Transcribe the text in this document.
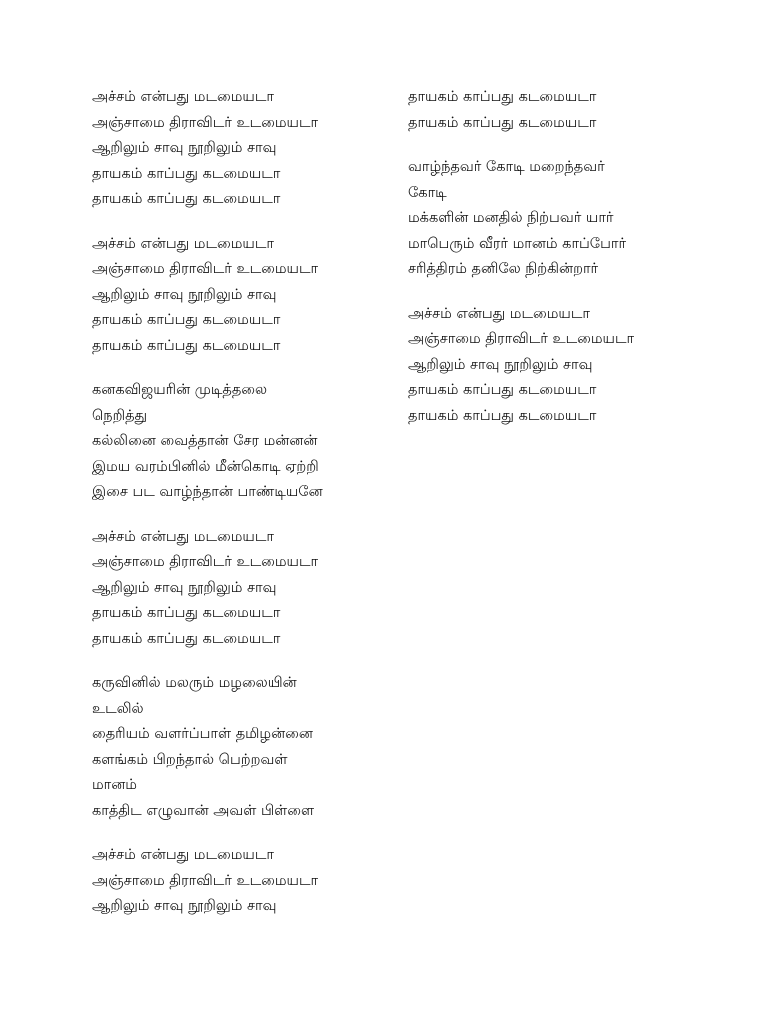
அச்சம் என்பது மடமையடா
அஞ்சாமை திராவிடர் உடமையடா
ஆறிலும் சாவு நூறிலும் சாவு
தாயகம் காப்பது கடமையடா
தாயகம் காப்பது கடமையடா
அச்சம் என்பது மடமையடா
அஞ்சாமை திராவிடர் உடமையடா
ஆறிலும் சாவு நூறிலும் சாவு
தாயகம் காப்பது கடமையடா
தாயகம் காப்பது கடமையடா
கனகவிஜயரின் முடித்தலை
நெறித்து
கல்லினை வைத்தான் சேர மன்னன்
இமய வரம்பினில் மீன்கொடி ஏற்றி
இசை பட வாழ்ந்தான் பாண்டியனே
அச்சம் என்பது மடமையடா
அஞ்சாமை திராவிடர் உடமையடா
ஆறிலும் சாவு நூறிலும் சாவு
தாயகம் காப்பது கடமையடா
தாயகம் காப்பது கடமையடா
கருவினில் மலரும் மழலையின்
உடலில்
தைரியம் வளர்ப்பாள் தமிழன்னை
களங்கம் பிறந்தால் பெற்றவள்
மானம்
காத்திட எழுவான் அவள் பிள்ளை
அச்சம் என்பது மடமையடா
அஞ்சாமை திராவிடர் உடமையடா
ஆறிலும் சாவு நூறிலும் சாவு
தாயகம் காப்பது கடமையடா
தாயகம் காப்பது கடமையடா
வாழ்ந்தவர் கோடி மறைந்தவர்
கோடி
மக்களின் மனதில் நிற்பவர் யார்
மாபெரும் வீரர் மானம் காப்போர்
சரித்திரம் தனிலே நிற்கின்றார்
அச்சம் என்பது மடமையடா
அஞ்சாமை திராவிடர் உடமையடா
ஆறிலும் சாவு நூறிலும் சாவு
தாயகம் காப்பது கடமையடா
தாயகம் காப்பது கடமையடா
